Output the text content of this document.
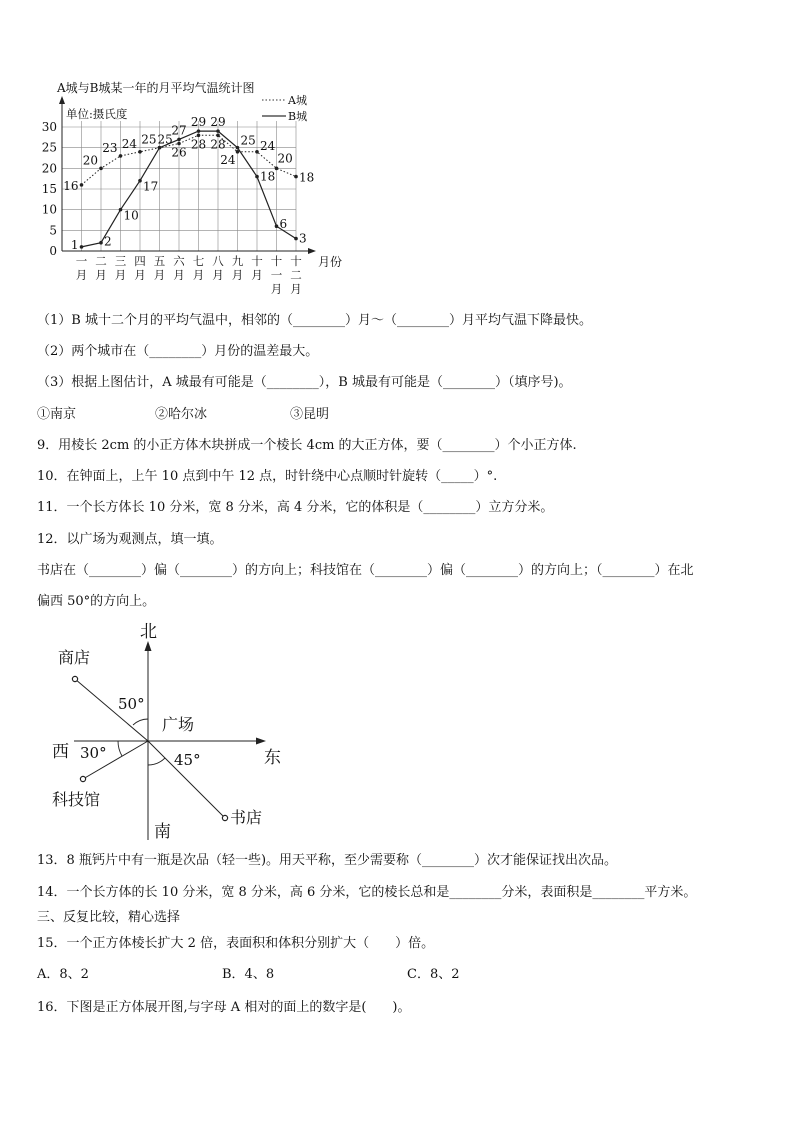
A城与B城某一年的月平均气温统计图
单位:摄氏度
A城
B城
0
5
10
15
20
25
30
一月
二月
三月
四月
五月
六月
七月
八月
九月
十月
十一月
十二月
16
20
23 24 25
26
28 28
24
24
20
18
1 2
10
17
25
27
29 29
25
18
6
3
月份
（1）B 城十二个月的平均气温中，相邻的（________）月～（________）月平均气温下降最快。
（2）两个城市在（________）月份的温差最大。
（3）根据上图估计，A 城最有可能是（________），B 城最有可能是（________）（填序号)。
①南京	②哈尔冰	③昆明
9．用棱长 2cm 的小正方体木块拼成一个棱长 4cm 的大正方体，要（________）个小正方体.
10．在钟面上，上午 10 点到中午 12 点，时针绕中心点顺时针旋转（_____）°.
11．一个长方体长 10 分米，宽 8 分米，高 4 分米，它的体积是（________）立方分米。
12．以广场为观测点，填一填。
书店在（________）偏（________）的方向上；科技馆在（________）偏（________）的方向上；（________）在北
偏西 50°的方向上。
北
南
西	东
广场
商店
科技馆
书店
50°
30°	45°
13．8 瓶钙片中有一瓶是次品（轻一些)。用天平称，至少需要称（________）次才能保证找出次品。
14．一个长方体的长 10 分米，宽 8 分米，高 6 分米，它的棱长总和是________分米，表面积是________平方米。
三、反复比较，精心选择
15．一个正方体棱长扩大 2 倍，表面积和体积分别扩大（　　）倍。
A．8、2	B．4、8	C．8、2
16．下图是正方体展开图,与字母 A 相对的面上的数字是(　　)。
